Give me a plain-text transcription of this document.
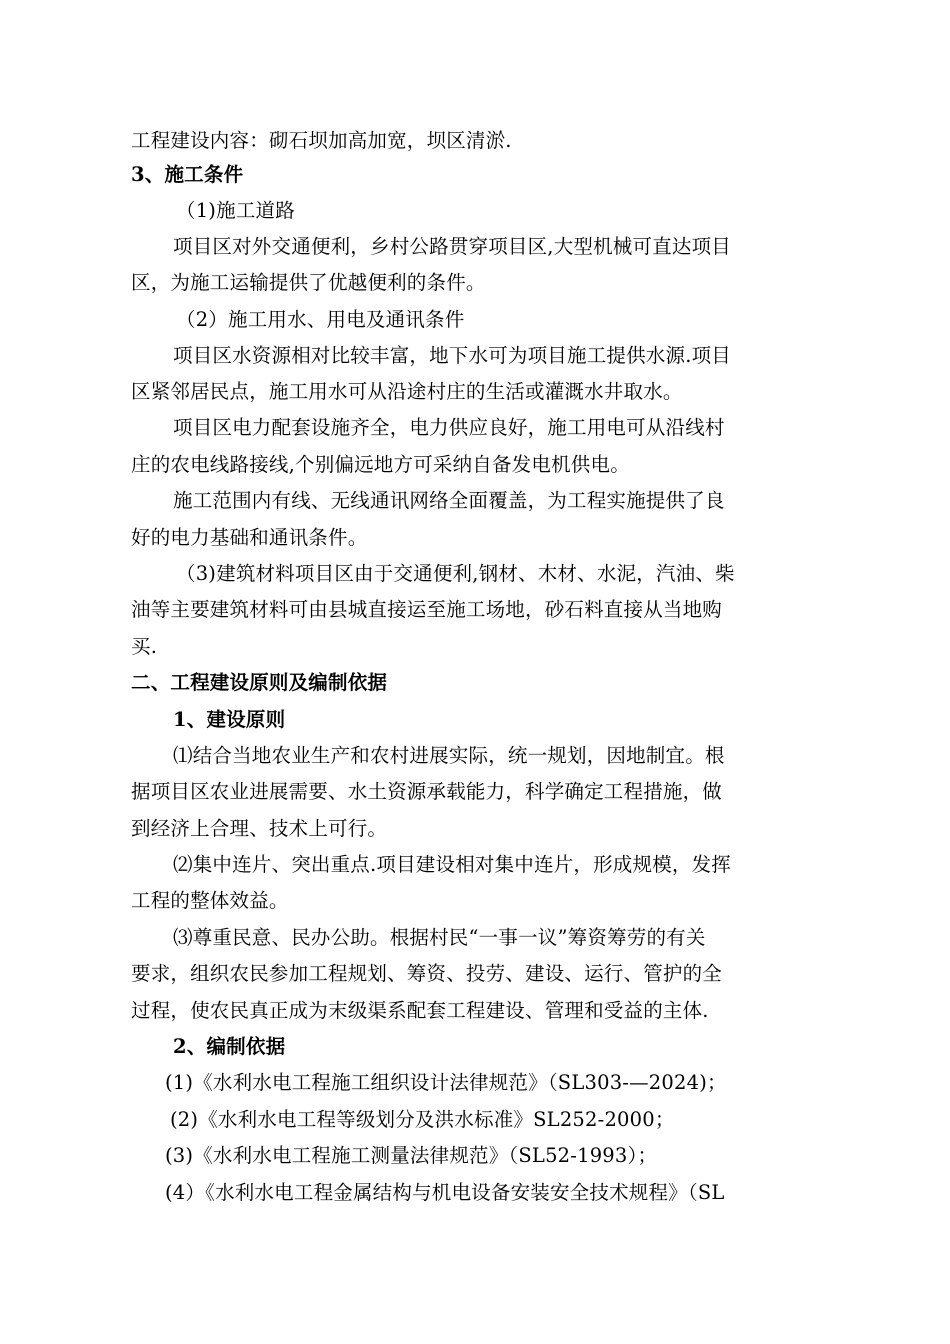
工程建设内容：砌石坝加高加宽，坝区清淤.
3、施工条件
（1)施工道路
项目区对外交通便利，乡村公路贯穿项目区,大型机械可直达项目
区，为施工运输提供了优越便利的条件。
（2）施工用水、用电及通讯条件
项目区水资源相对比较丰富，地下水可为项目施工提供水源.项目
区紧邻居民点，施工用水可从沿途村庄的生活或灌溉水井取水。
项目区电力配套设施齐全，电力供应良好，施工用电可从沿线村
庄的农电线路接线,个别偏远地方可采纳自备发电机供电。
施工范围内有线、无线通讯网络全面覆盖，为工程实施提供了良
好的电力基础和通讯条件。
（3)建筑材料项目区由于交通便利,钢材、木材、水泥，汽油、柴
油等主要建筑材料可由县城直接运至施工场地，砂石料直接从当地购
买.
二、工程建设原则及编制依据
1、建设原则
⑴结合当地农业生产和农村进展实际，统一规划，因地制宜。根
据项目区农业进展需要、水土资源承载能力，科学确定工程措施，做
到经济上合理、技术上可行。
⑵集中连片、突出重点.项目建设相对集中连片，形成规模，发挥
工程的整体效益。
⑶尊重民意、民办公助。根据村民“一事一议”筹资筹劳的有关
要求，组织农民参加工程规划、筹资、投劳、建设、运行、管护的全
过程，使农民真正成为末级渠系配套工程建设、管理和受益的主体.
2、编制依据
(1)《水利水电工程施工组织设计法律规范》（SL303-—2024)；
(2)《水利水电工程等级划分及洪水标准》SL252-2000；
(3)《水利水电工程施工测量法律规范》（SL52-1993）；
(4）《水利水电工程金属结构与机电设备安装安全技术规程》（SL
